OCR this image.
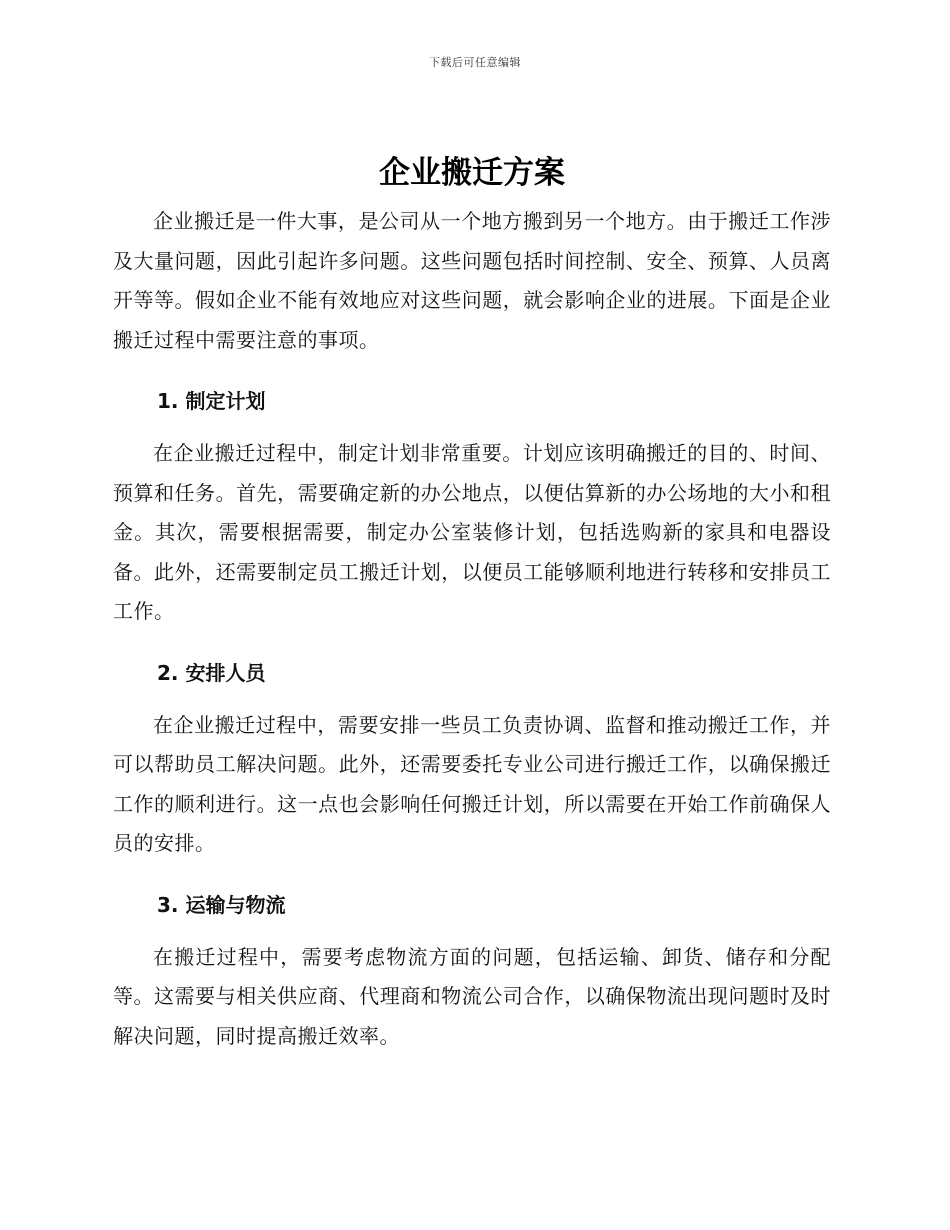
下载后可任意编辑
企业搬迁方案

企业搬迁是一件大事，是公司从一个地方搬到另一个地方。由于搬迁工作涉及大量问题，因此引起许多问题。这些问题包括时间控制、安全、预算、人员离开等等。假如企业不能有效地应对这些问题，就会影响企业的进展。下面是企业搬迁过程中需要注意的事项。

1. 制定计划

在企业搬迁过程中，制定计划非常重要。计划应该明确搬迁的目的、时间、预算和任务。首先，需要确定新的办公地点，以便估算新的办公场地的大小和租金。其次，需要根据需要，制定办公室装修计划，包括选购新的家具和电器设备。此外，还需要制定员工搬迁计划，以便员工能够顺利地进行转移和安排员工工作。

2. 安排人员

在企业搬迁过程中，需要安排一些员工负责协调、监督和推动搬迁工作，并可以帮助员工解决问题。此外，还需要委托专业公司进行搬迁工作，以确保搬迁工作的顺利进行。这一点也会影响任何搬迁计划，所以需要在开始工作前确保人员的安排。

3. 运输与物流

在搬迁过程中，需要考虑物流方面的问题，包括运输、卸货、储存和分配等。这需要与相关供应商、代理商和物流公司合作，以确保物流出现问题时及时解决问题，同时提高搬迁效率。
